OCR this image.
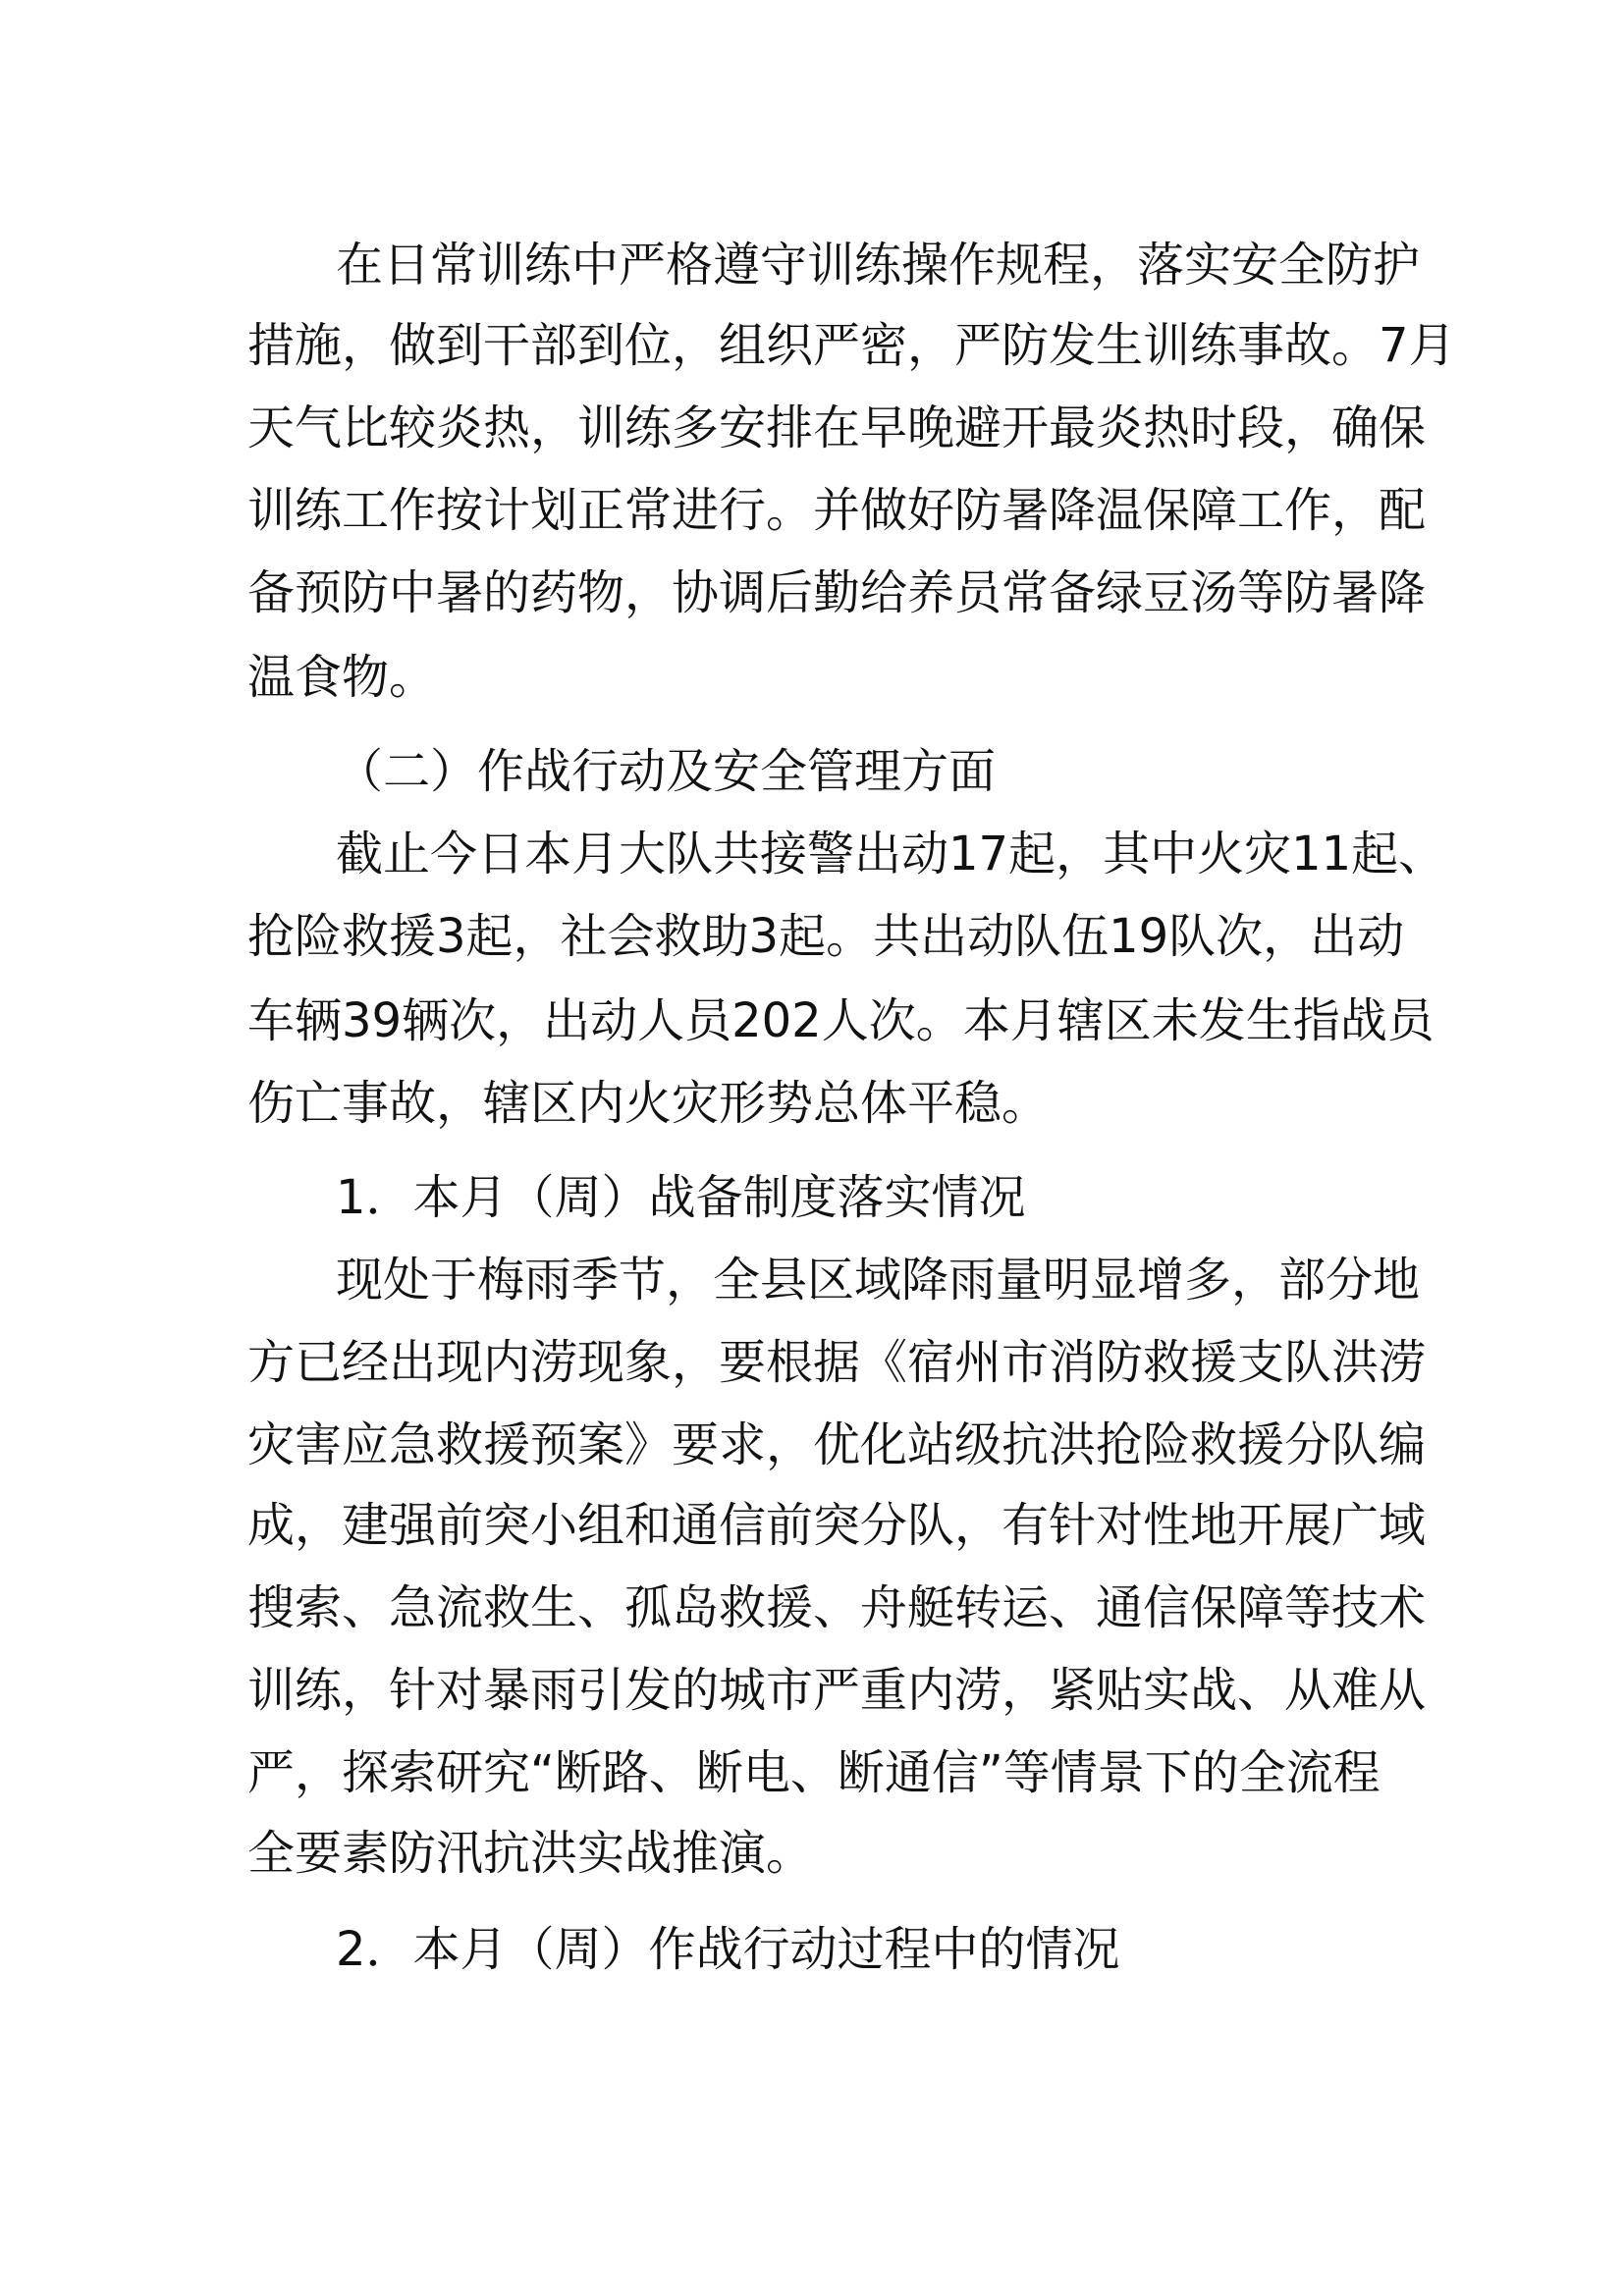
在日常训练中严格遵守训练操作规程，落实安全防护

措施，做到干部到位，组织严密，严防发生训练事故。7月

天气比较炎热，训练多安排在早晚避开最炎热时段，确保

训练工作按计划正常进行。并做好防暑降温保障工作，配

备预防中暑的药物，协调后勤给养员常备绿豆汤等防暑降

温食物。

（二）作战行动及安全管理方面

截止今日本月大队共接警出动17起，其中火灾11起、

抢险救援3起，社会救助3起。共出动队伍19队次，出动

车辆39辆次，出动人员202人次。本月辖区未发生指战员

伤亡事故，辖区内火灾形势总体平稳。

1．本月（周）战备制度落实情况

现处于梅雨季节，全县区域降雨量明显增多，部分地

方已经出现内涝现象，要根据《宿州市消防救援支队洪涝

灾害应急救援预案》要求，优化站级抗洪抢险救援分队编

成，建强前突小组和通信前突分队，有针对性地开展广域

搜索、急流救生、孤岛救援、舟艇转运、通信保障等技术

训练，针对暴雨引发的城市严重内涝，紧贴实战、从难从

严，探索研究“断路、断电、断通信”等情景下的全流程

全要素防汛抗洪实战推演。

2．本月（周）作战行动过程中的情况
